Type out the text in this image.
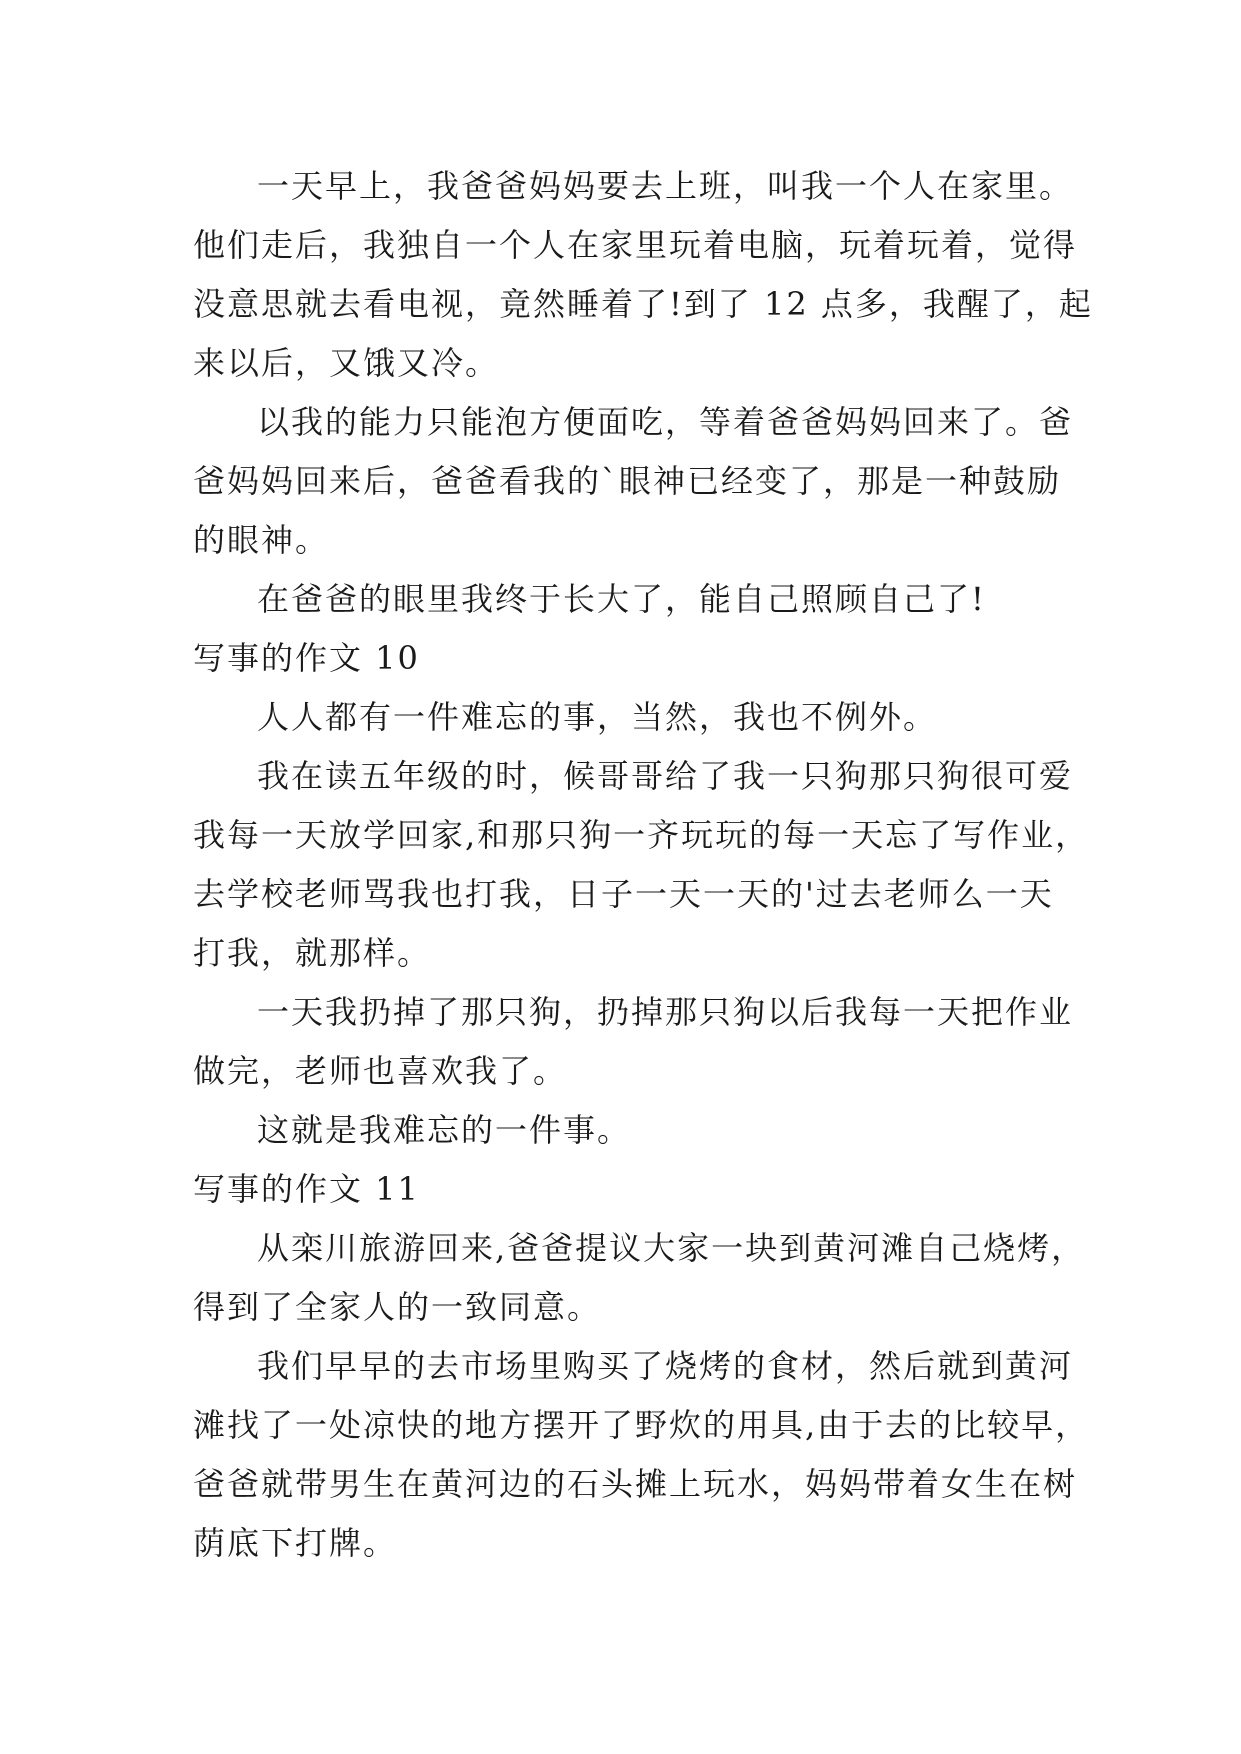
一天早上，我爸爸妈妈要去上班，叫我一个人在家里。
他们走后，我独自一个人在家里玩着电脑，玩着玩着，觉得
没意思就去看电视，竟然睡着了!到了 12 点多，我醒了，起
来以后，又饿又冷。
以我的能力只能泡方便面吃，等着爸爸妈妈回来了。爸
爸妈妈回来后，爸爸看我的`眼神已经变了，那是一种鼓励
的眼神。
在爸爸的眼里我终于长大了，能自己照顾自己了!
写事的作文 10
人人都有一件难忘的事，当然，我也不例外。
我在读五年级的时，候哥哥给了我一只狗那只狗很可爱
我每一天放学回家,和那只狗一齐玩玩的每一天忘了写作业，
去学校老师骂我也打我，日子一天一天的'过去老师么一天
打我，就那样。
一天我扔掉了那只狗，扔掉那只狗以后我每一天把作业
做完，老师也喜欢我了。
这就是我难忘的一件事。
写事的作文 11
从栾川旅游回来,爸爸提议大家一块到黄河滩自己烧烤，
得到了全家人的一致同意。
我们早早的去市场里购买了烧烤的食材，然后就到黄河
滩找了一处凉快的地方摆开了野炊的用具,由于去的比较早，
爸爸就带男生在黄河边的石头摊上玩水，妈妈带着女生在树
荫底下打牌。
